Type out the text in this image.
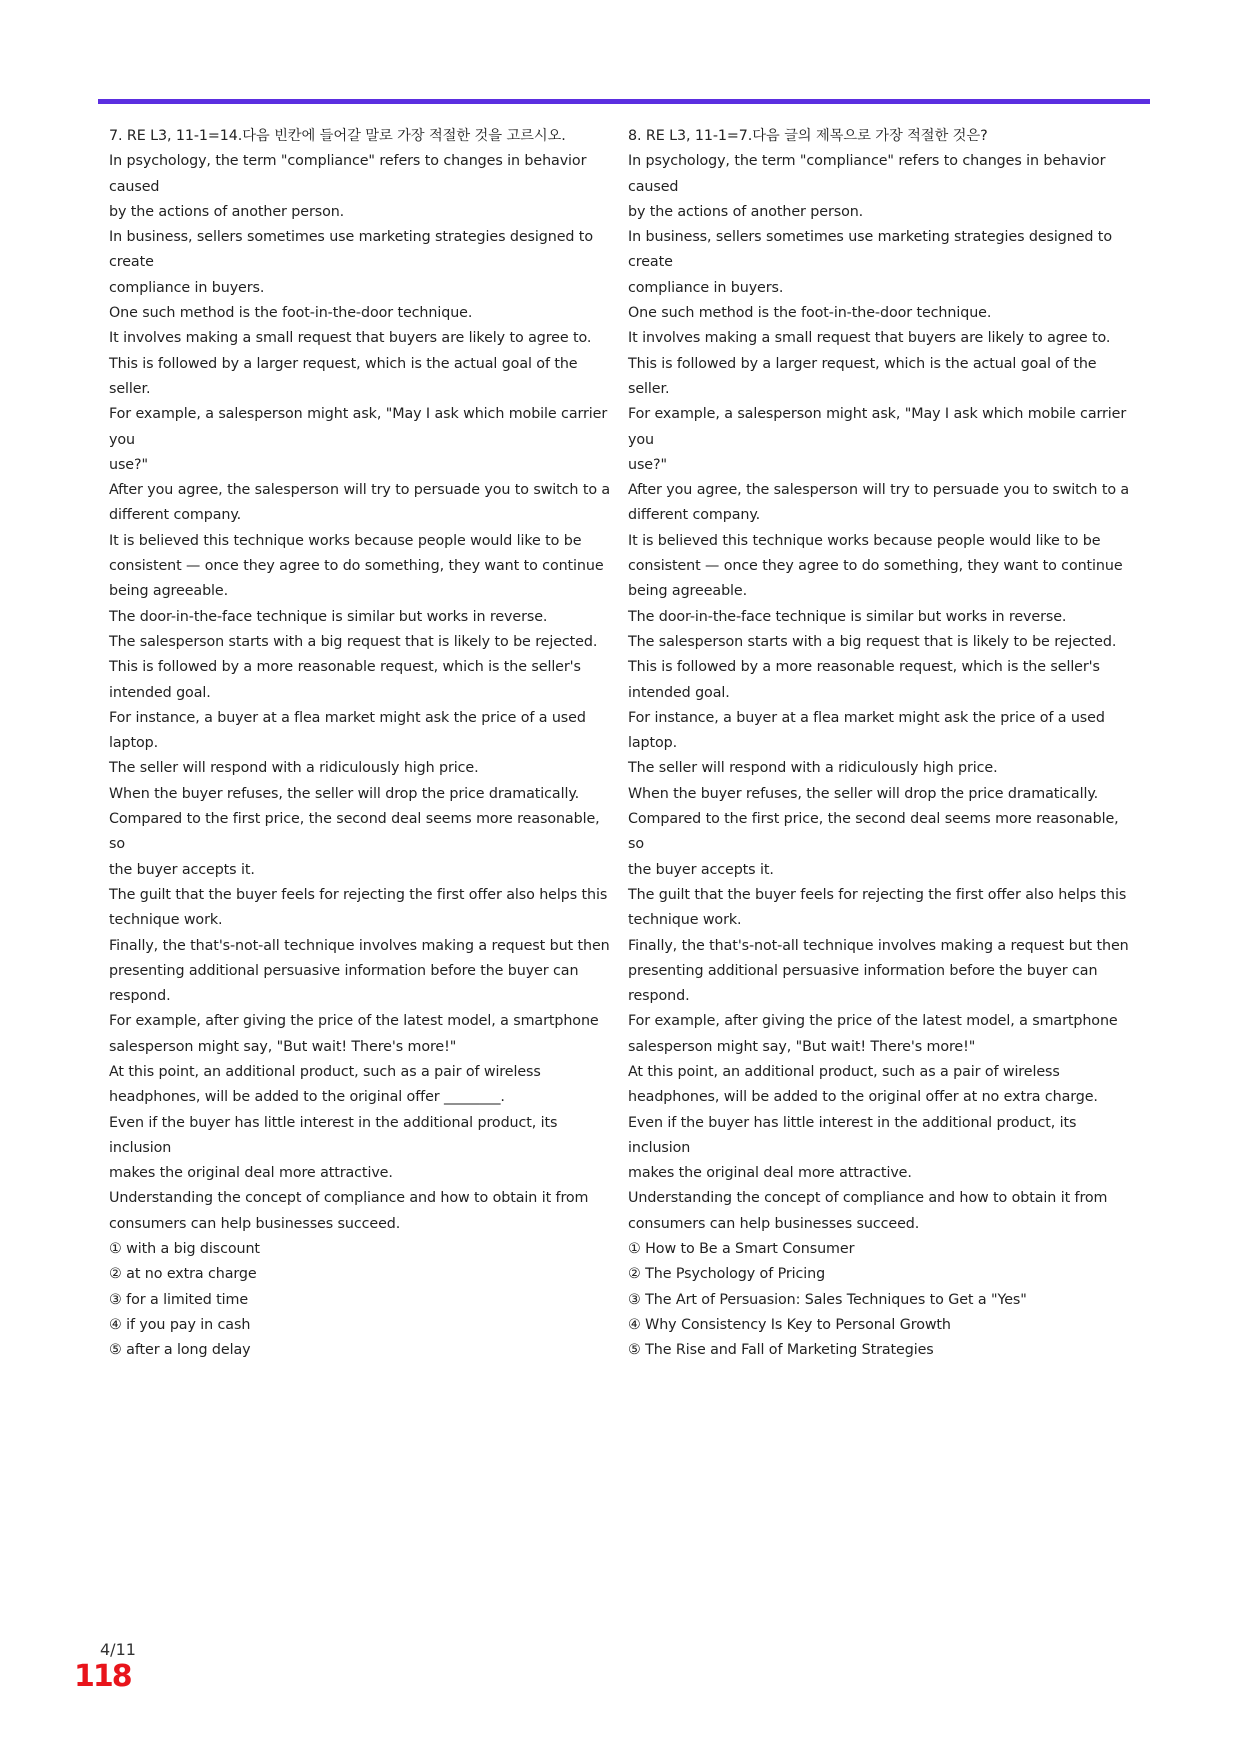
7. RE L3, 11-1=14.다음 빈칸에 들어갈 말로 가장 적절한 것을 고르시오.

In psychology, the term "compliance" refers to changes in behavior caused

by the actions of another person.

In business, sellers sometimes use marketing strategies designed to create

compliance in buyers.

One such method is the foot-in-the-door technique.

It involves making a small request that buyers are likely to agree to.

This is followed by a larger request, which is the actual goal of the seller.

For example, a salesperson might ask, "May I ask which mobile carrier you

use?"

After you agree, the salesperson will try to persuade you to switch to a

different company.

It is believed this technique works because people would like to be

consistent — once they agree to do something, they want to continue

being agreeable.

The door-in-the-face technique is similar but works in reverse.

The salesperson starts with a big request that is likely to be rejected.

This is followed by a more reasonable request, which is the seller's

intended goal.

For instance, a buyer at a flea market might ask the price of a used laptop.

The seller will respond with a ridiculously high price.

When the buyer refuses, the seller will drop the price dramatically.

Compared to the first price, the second deal seems more reasonable, so

the buyer accepts it.

The guilt that the buyer feels for rejecting the first offer also helps this

technique work.

Finally, the that's-not-all technique involves making a request but then

presenting additional persuasive information before the buyer can

respond.

For example, after giving the price of the latest model, a smartphone

salesperson might say, "But wait! There's more!"

At this point, an additional product, such as a pair of wireless

headphones, will be added to the original offer ________.

Even if the buyer has little interest in the additional product, its inclusion

makes the original deal more attractive.

Understanding the concept of compliance and how to obtain it from

consumers can help businesses succeed.

① with a big discount

② at no extra charge

③ for a limited time

④ if you pay in cash

⑤ after a long delay

8. RE L3, 11-1=7.다음 글의 제목으로 가장 적절한 것은?

In psychology, the term "compliance" refers to changes in behavior caused

by the actions of another person.

In business, sellers sometimes use marketing strategies designed to create

compliance in buyers.

One such method is the foot-in-the-door technique.

It involves making a small request that buyers are likely to agree to.

This is followed by a larger request, which is the actual goal of the seller.

For example, a salesperson might ask, "May I ask which mobile carrier you

use?"

After you agree, the salesperson will try to persuade you to switch to a

different company.

It is believed this technique works because people would like to be

consistent — once they agree to do something, they want to continue

being agreeable.

The door-in-the-face technique is similar but works in reverse.

The salesperson starts with a big request that is likely to be rejected.

This is followed by a more reasonable request, which is the seller's

intended goal.

For instance, a buyer at a flea market might ask the price of a used laptop.

The seller will respond with a ridiculously high price.

When the buyer refuses, the seller will drop the price dramatically.

Compared to the first price, the second deal seems more reasonable, so

the buyer accepts it.

The guilt that the buyer feels for rejecting the first offer also helps this

technique work.

Finally, the that's-not-all technique involves making a request but then

presenting additional persuasive information before the buyer can

respond.

For example, after giving the price of the latest model, a smartphone

salesperson might say, "But wait! There's more!"

At this point, an additional product, such as a pair of wireless

headphones, will be added to the original offer at no extra charge.

Even if the buyer has little interest in the additional product, its inclusion

makes the original deal more attractive.

Understanding the concept of compliance and how to obtain it from

consumers can help businesses succeed.

① How to Be a Smart Consumer

② The Psychology of Pricing

③ The Art of Persuasion: Sales Techniques to Get a "Yes"

④ Why Consistency Is Key to Personal Growth

⑤ The Rise and Fall of Marketing Strategies

4/11
118
